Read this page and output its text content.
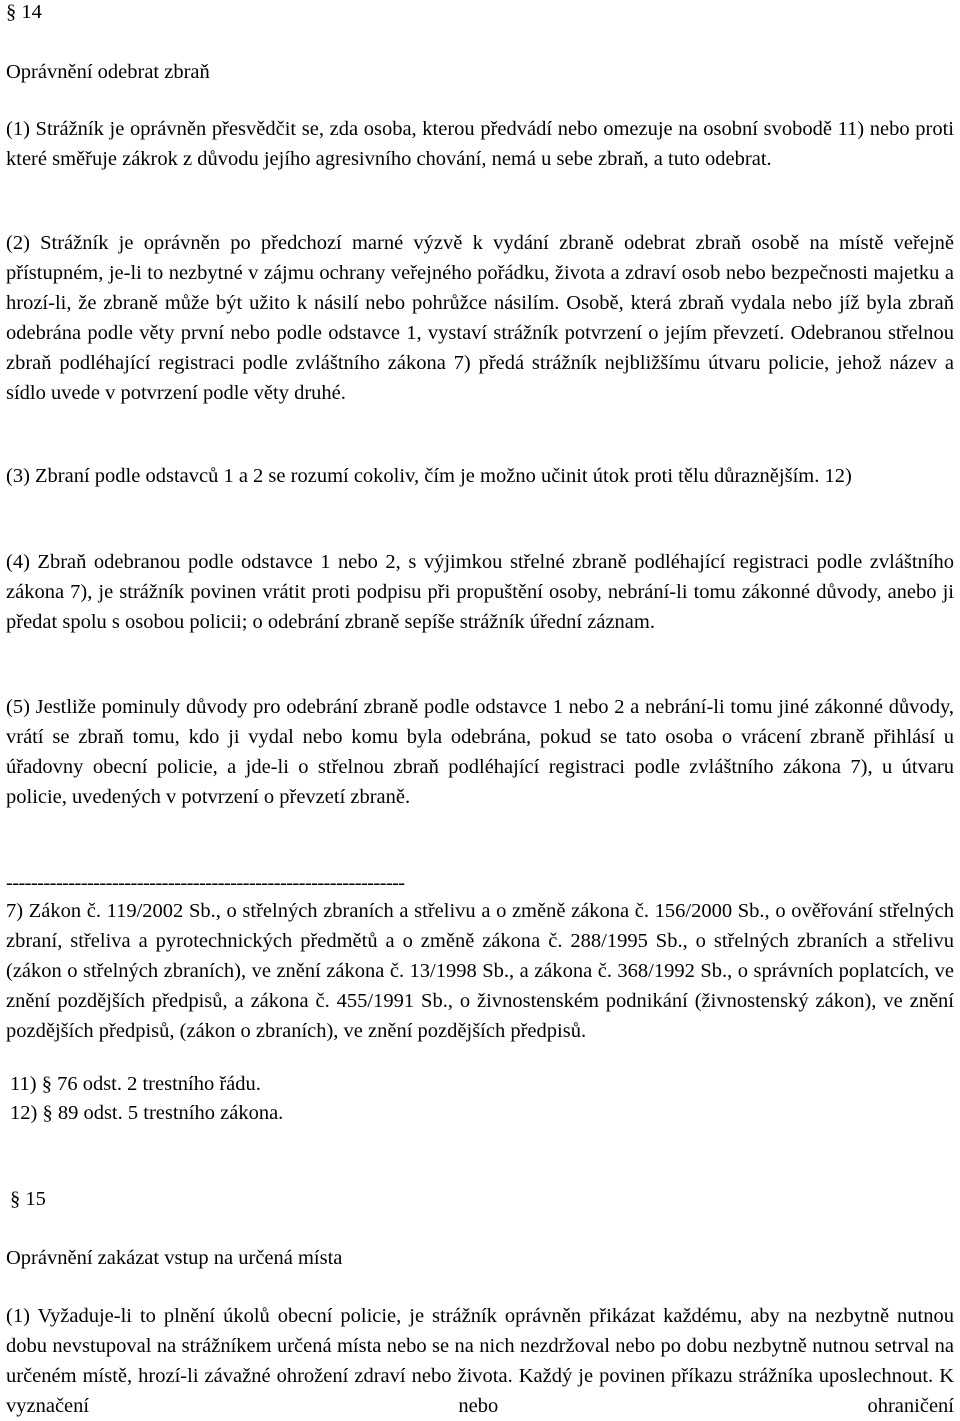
§ 14
Oprávnění odebrat zbraň

(1) Strážník je oprávněn přesvědčit se, zda osoba, kterou předvádí nebo omezuje na osobní svobodě 11) nebo proti které směřuje zákrok z důvodu jejího agresivního chování, nemá u sebe zbraň, a tuto odebrat.

(2) Strážník je oprávněn po předchozí marné výzvě k vydání zbraně odebrat zbraň osobě na místě veřejně přístupném, je-li to nezbytné v zájmu ochrany veřejného pořádku, života a zdraví osob nebo bezpečnosti majetku a hrozí-li, že zbraně může být užito k násilí nebo pohrůžce násilím. Osobě, která zbraň vydala nebo jíž byla zbraň odebrána podle věty první nebo podle odstavce 1, vystaví strážník potvrzení o jejím převzetí. Odebranou střelnou zbraň podléhající registraci podle zvláštního zákona 7) předá strážník nejbližšímu útvaru policie, jehož název a sídlo uvede v potvrzení podle věty druhé.

(3) Zbraní podle odstavců 1 a 2 se rozumí cokoliv, čím je možno učinit útok proti tělu důraznějším. 12)

(4) Zbraň odebranou podle odstavce 1 nebo 2, s výjimkou střelné zbraně podléhající registraci podle zvláštního zákona 7), je strážník povinen vrátit proti podpisu při propuštění osoby, nebrání-li tomu zákonné důvody, anebo ji předat spolu s osobou policii; o odebrání zbraně sepíše strážník úřední záznam.

(5) Jestliže pominuly důvody pro odebrání zbraně podle odstavce 1 nebo 2 a nebrání-li tomu jiné zákonné důvody, vrátí se zbraň tomu, kdo ji vydal nebo komu byla odebrána, pokud se tato osoba o vrácení zbraně přihlásí u úřadovny obecní policie, a jde-li o střelnou zbraň podléhající registraci podle zvláštního zákona 7), u útvaru policie, uvedených v potvrzení o převzetí zbraně.

----------------------------------------------------------------

7) Zákon č. 119/2002 Sb., o střelných zbraních a střelivu a o změně zákona č. 156/2000 Sb., o ověřování střelných zbraní, střeliva a pyrotechnických předmětů a o změně zákona č. 288/1995 Sb., o střelných zbraních a střelivu (zákon o střelných zbraních), ve znění zákona č. 13/1998 Sb., a zákona č. 368/1992 Sb., o správních poplatcích, ve znění pozdějších předpisů, a zákona č. 455/1991 Sb., o živnostenském podnikání (živnostenský zákon), ve znění pozdějších předpisů, (zákon o zbraních), ve znění pozdějších předpisů.

11) § 76 odst. 2 trestního řádu.
12) § 89 odst. 5 trestního zákona.
§ 15
Oprávnění zakázat vstup na určená místa

(1) Vyžaduje-li to plnění úkolů obecní policie, je strážník oprávněn přikázat každému, aby na nezbytně nutnou dobu nevstupoval na strážníkem určená místa nebo se na nich nezdržoval nebo po dobu nezbytně nutnou setrval na určeném místě, hrozí-li závažné ohrožení zdraví nebo života. Každý je povinen příkazu strážníka uposlechnout. K vyznačení nebo ohraničení
